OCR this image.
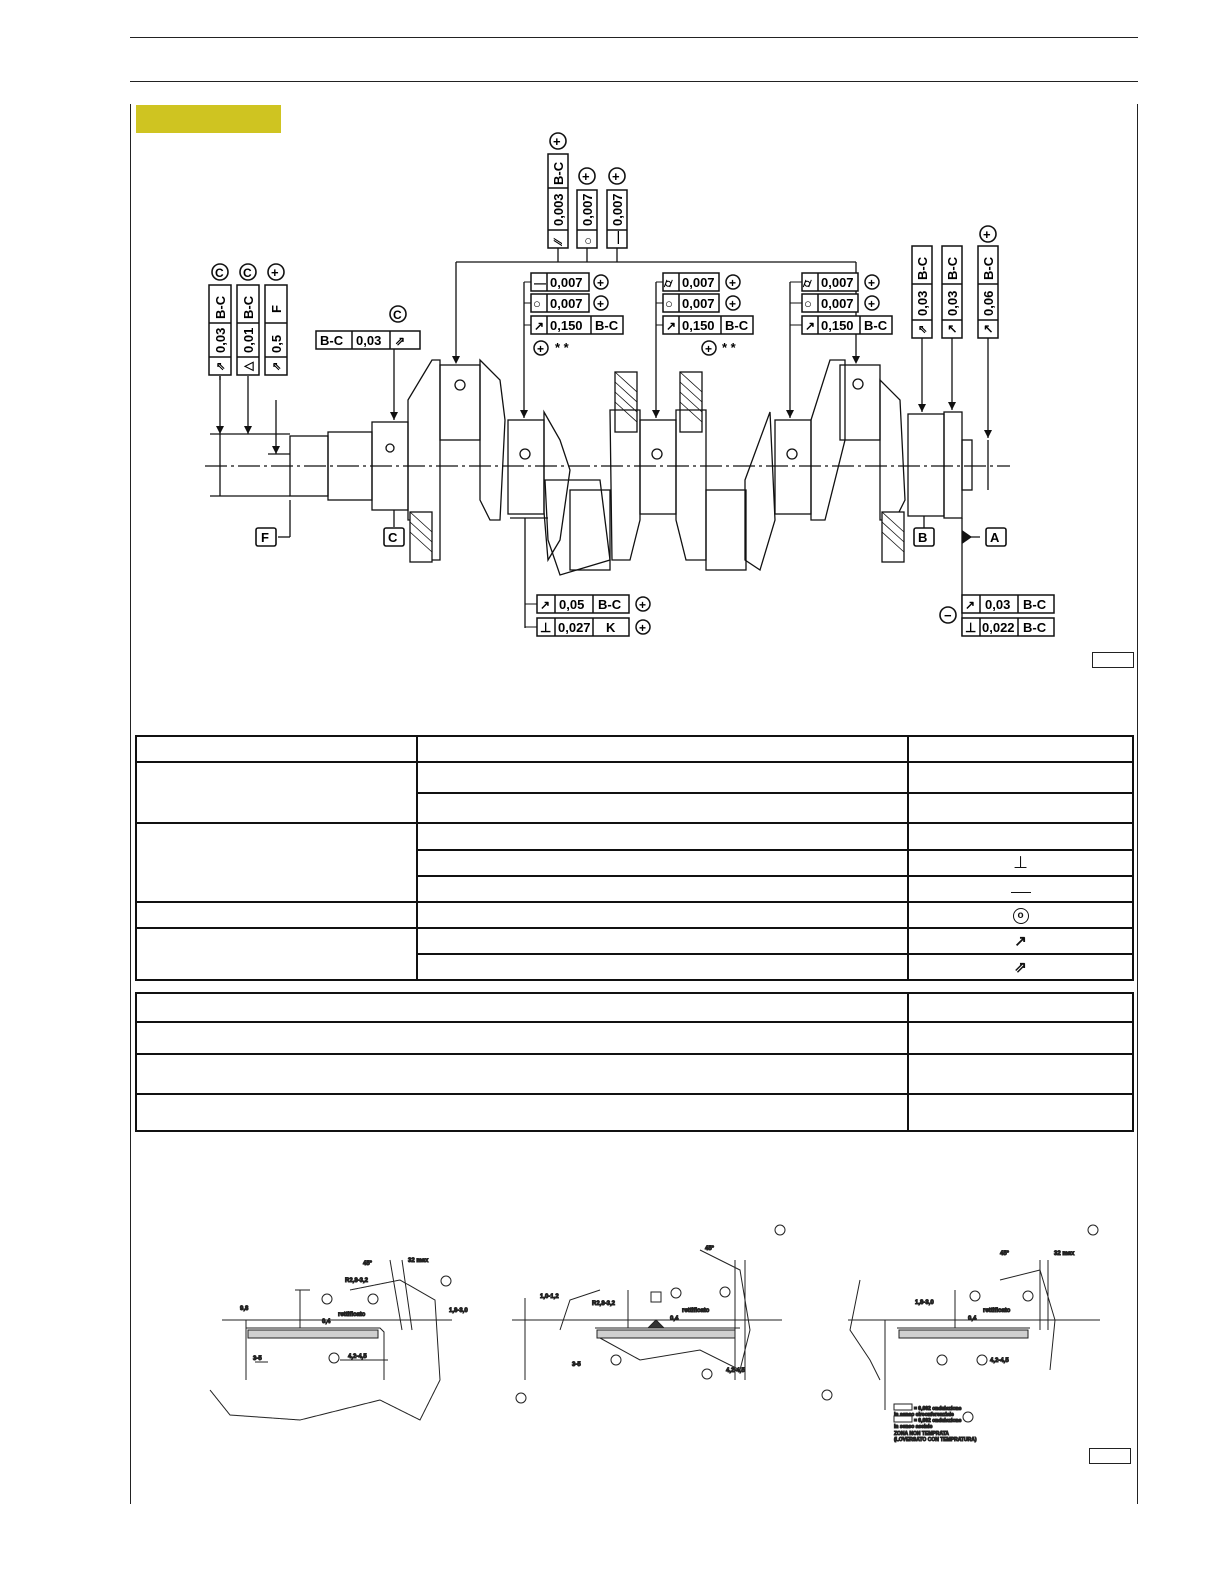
⇗
0,03
B-C
△
0,01
B-C
⇗
0,5
F
C C +
B-C 0,03 ⇗
C
∕∕
0,003
B-C
○
0,007
—
0,007
+
+ +
— 0,007
○ 0,007
↗ 0,150 B-C
+
+
+ * *
⌭ 0,007
○ 0,007
↗ 0,150 B-C
+
+
+ * *
⌭ 0,007
○ 0,007
↗ 0,150 B-C
+
+
⇗
0,03
B-C
↗
0,03
B-C
↗
0,06
B-C
+
F	C	B	A
↗ 0,05 B-C
⊥ 0,027 K
+
+
↗ 0,03 B-C
⊥ 0,022 B-C
−

		⊥

		o
		↗
		⇗

45°	32 max
R2,8-3,2
rettificato
4,2-4,5
3-5
0,4
9,8	1,8-3,0
R2,8-3,2
45°
rettificato
4,2-4,5
3-5
0,4
1,0-1,2
45°	32 max
rettificato
4,2-4,5
0,4
1,8-3,0
= 0,002 ondulazione
in senso circonferenziale
= 0,002 ondulazione
in senso assiale
ZONA NON TEMPRATA
(LOVERSATO CON TEMPRATURA)
